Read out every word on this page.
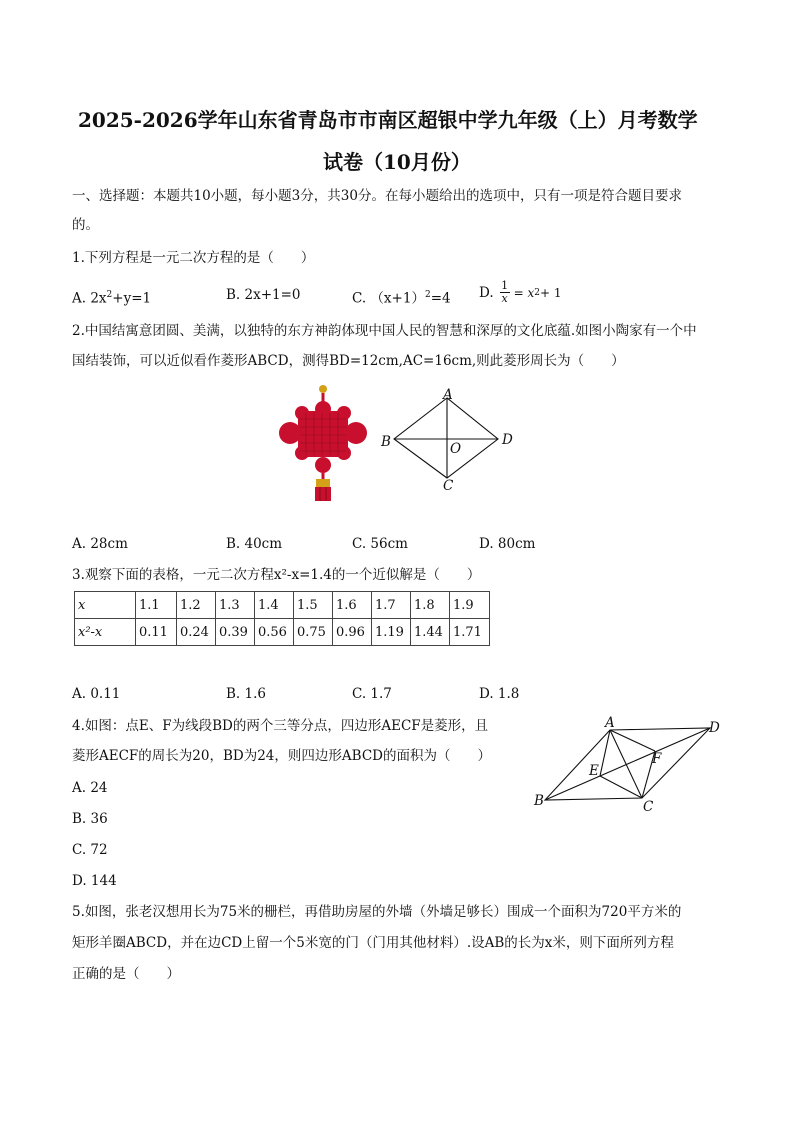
2025-2026学年山东省青岛市市南区超银中学九年级（上）月考数学
试卷（10月份）
一、选择题：本题共10小题，每小题3分，共30分。在每小题给出的选项中，只有一项是符合题目要求
的。
1.下列方程是一元二次方程的是（　　）
A. $2x^2+y=1$	B. 2x+1=0	C. $(x+1)^2=4$ D. 1
x = x 2 + 1
2.中国结寓意团圆、美满，以独特的东方神韵体现中国人民的智慧和深厚的文化底蕴.如图小陶家有一个中
国结装饰，可以近似看作菱形ABCD，测得BD=12cm,AC=16cm,则此菱形周长为（　　）
A
B
C
D
O
A. 28cm	B. 40cm	C. 56cm	D. 80cm
3.观察下面的表格，一元二次方程x²-x=1.4的一个近似解是（　　）
x	1.1	1.2	1.3	1.4	1.5	1.6	1.7	1.8	1.9
x²-x	0.11	0.24	0.39	0.56	0.75	0.96	1.19	1.44	1.71
A. 0.11	B. 1.6	C. 1.7	D. 1.8
4.如图：点E、F为线段BD的两个三等分点，四边形AECF是菱形，且
菱形AECF的周长为20，BD为24，则四边形ABCD的面积为（　　）
A. 24
B. 36
C. 72
D. 144
A	D
F
E
B	C
5.如图，张老汉想用长为75米的栅栏，再借助房屋的外墙（外墙足够长）围成一个面积为720平方米的
矩形羊圈ABCD，并在边CD上留一个5米宽的门（门用其他材料）.设AB的长为x米，则下面所列方程
正确的是（　　）
